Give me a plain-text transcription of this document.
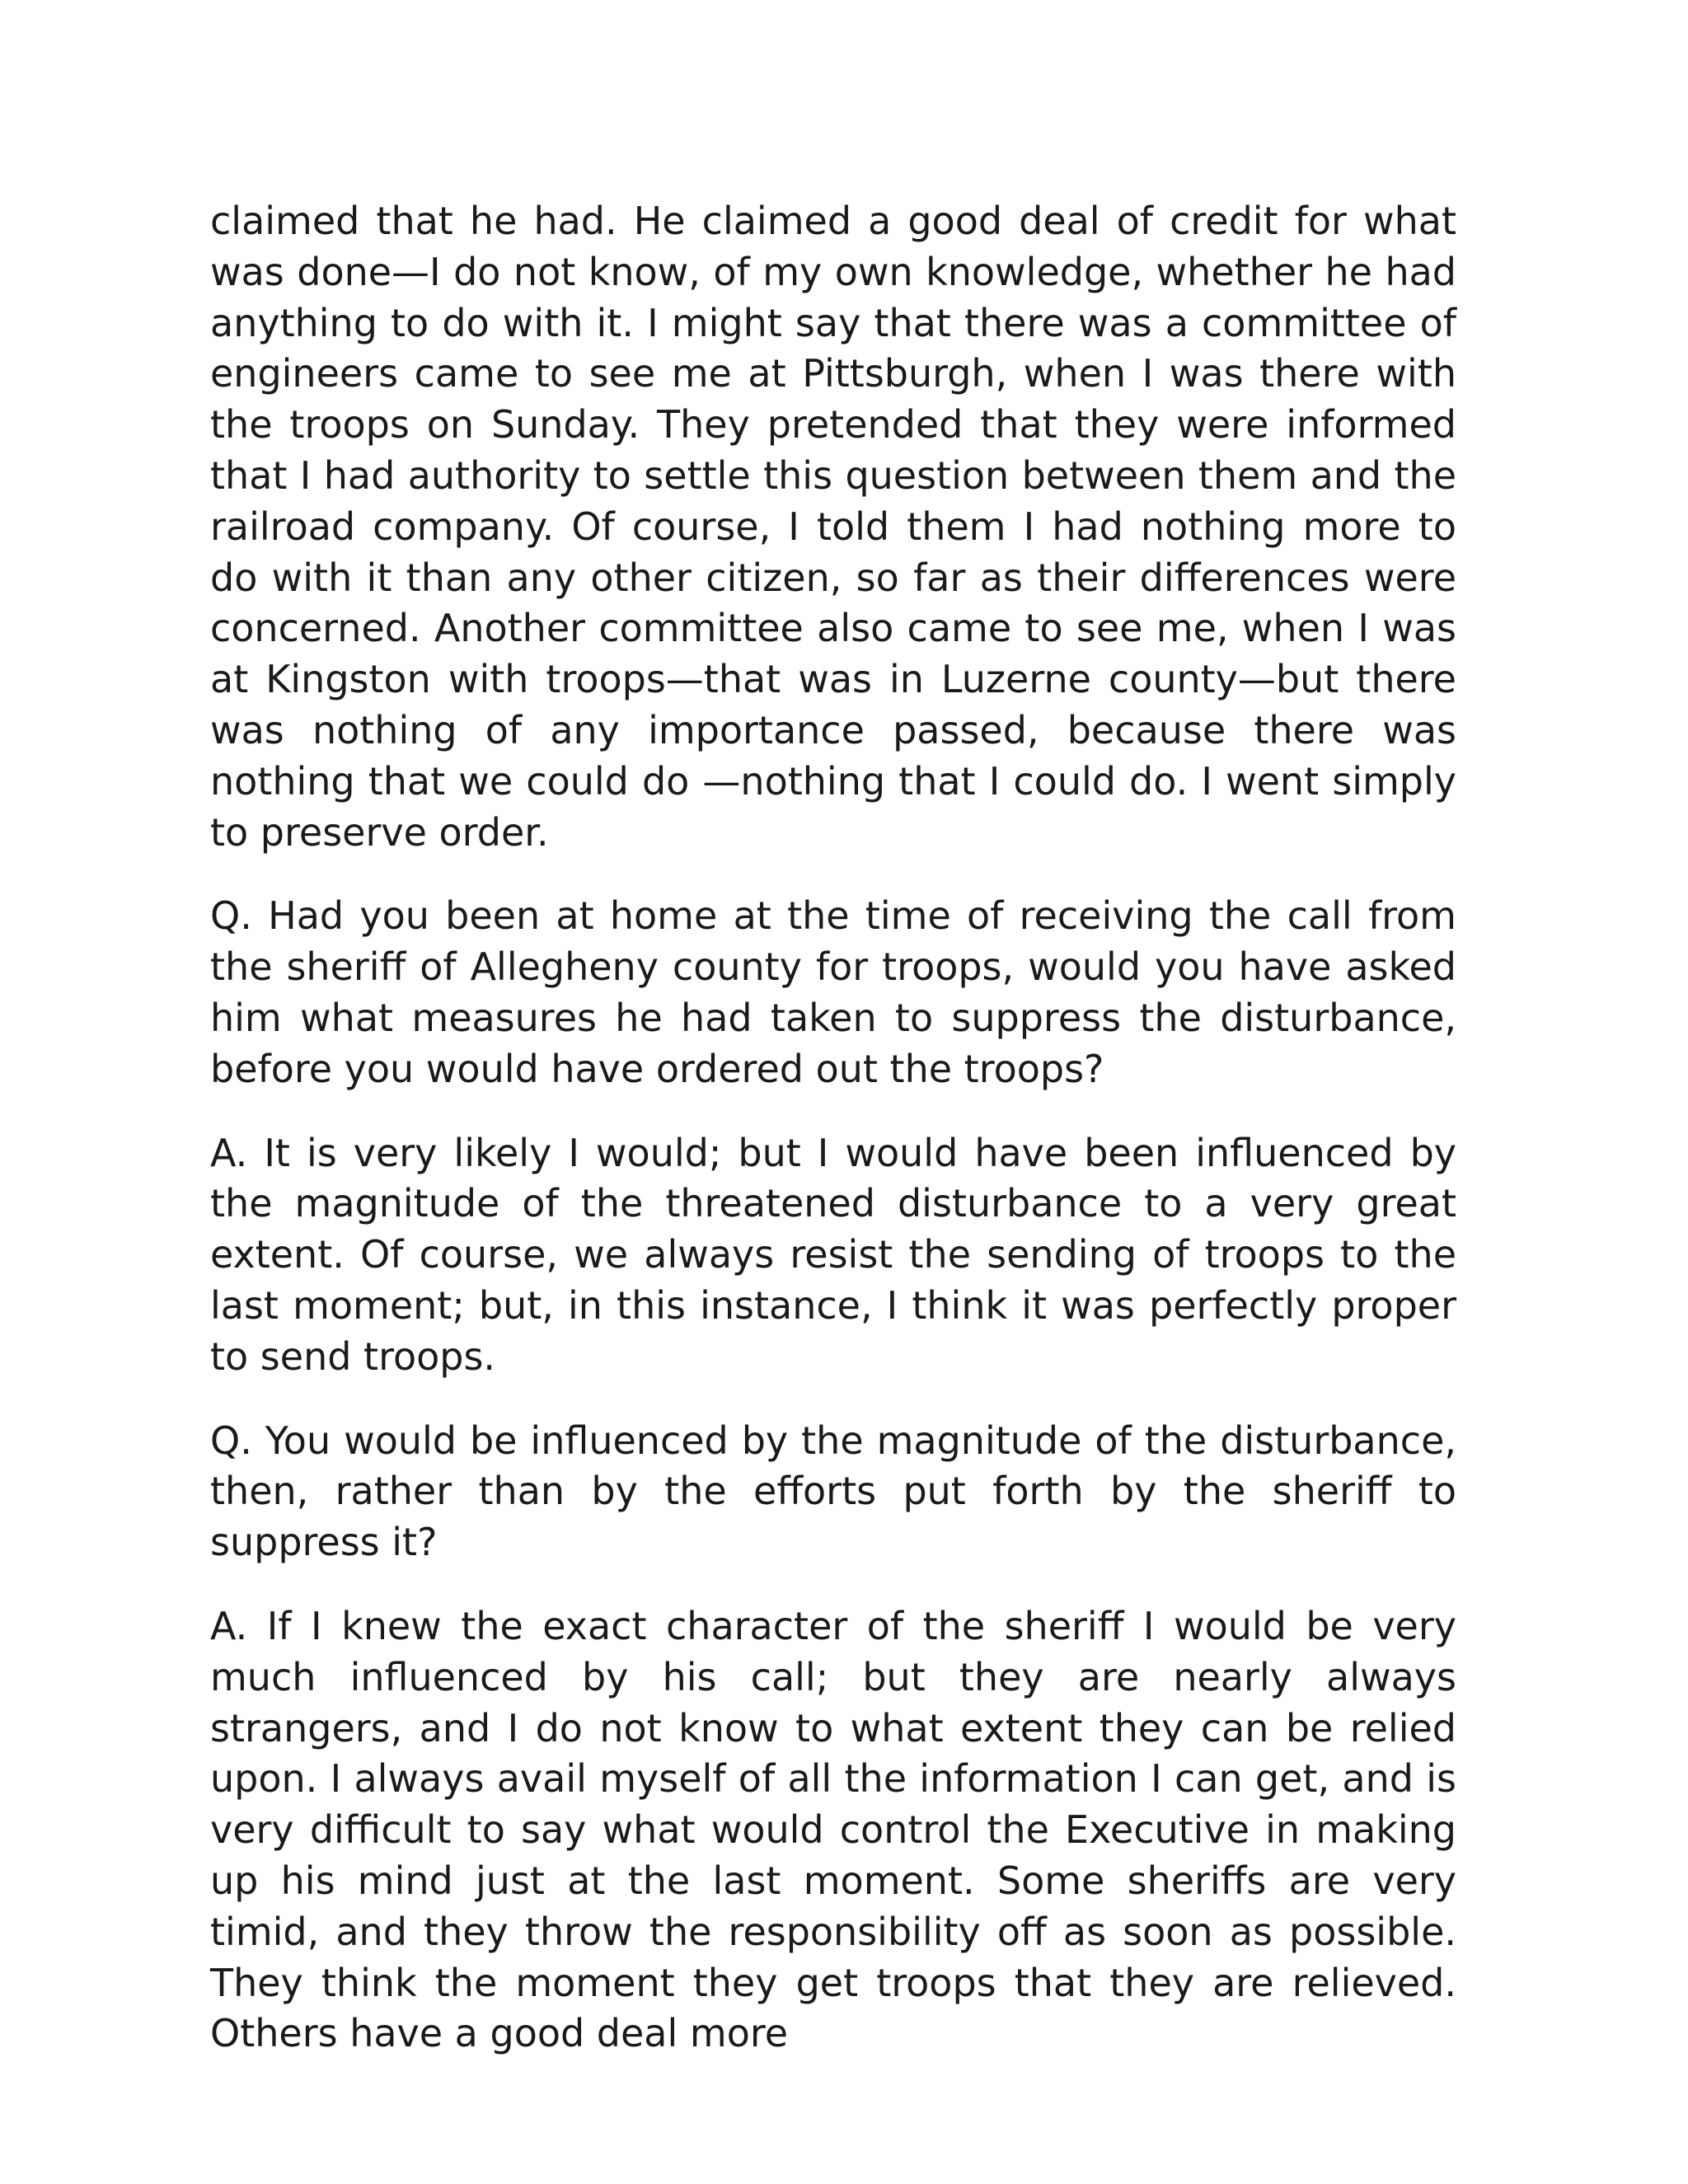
claimed that he had. He claimed a good deal of credit for what was done—I do not know, of my own knowledge, whether he had anything to do with it. I might say that there was a committee of engineers came to see me at Pittsburgh, when I was there with the troops on Sunday. They pretended that they were informed that I had authority to settle this question between them and the railroad company. Of course, I told them I had nothing more to do with it than any other citizen, so far as their differences were concerned. Another committee also came to see me, when I was at Kingston with troops—that was in Luzerne county—but there was nothing of any importance passed, because there was nothing that we could do —nothing that I could do. I went simply to preserve order.

Q. Had you been at home at the time of receiving the call from the sheriff of Allegheny county for troops, would you have asked him what measures he had taken to suppress the disturbance, before you would have ordered out the troops?

A. It is very likely I would; but I would have been influenced by the magnitude of the threatened disturbance to a very great extent. Of course, we always resist the sending of troops to the last moment; but, in this instance, I think it was perfectly proper to send troops.

Q. You would be influenced by the magnitude of the disturbance, then, rather than by the efforts put forth by the sheriff to suppress it?

A. If I knew the exact character of the sheriff I would be very much influenced by his call; but they are nearly always strangers, and I do not know to what extent they can be relied upon. I always avail myself of all the information I can get, and is very difficult to say what would control the Executive in making up his mind just at the last moment. Some sheriffs are very timid, and they throw the responsibility off as soon as possible. They think the moment they get troops that they are relieved. Others have a good deal more
